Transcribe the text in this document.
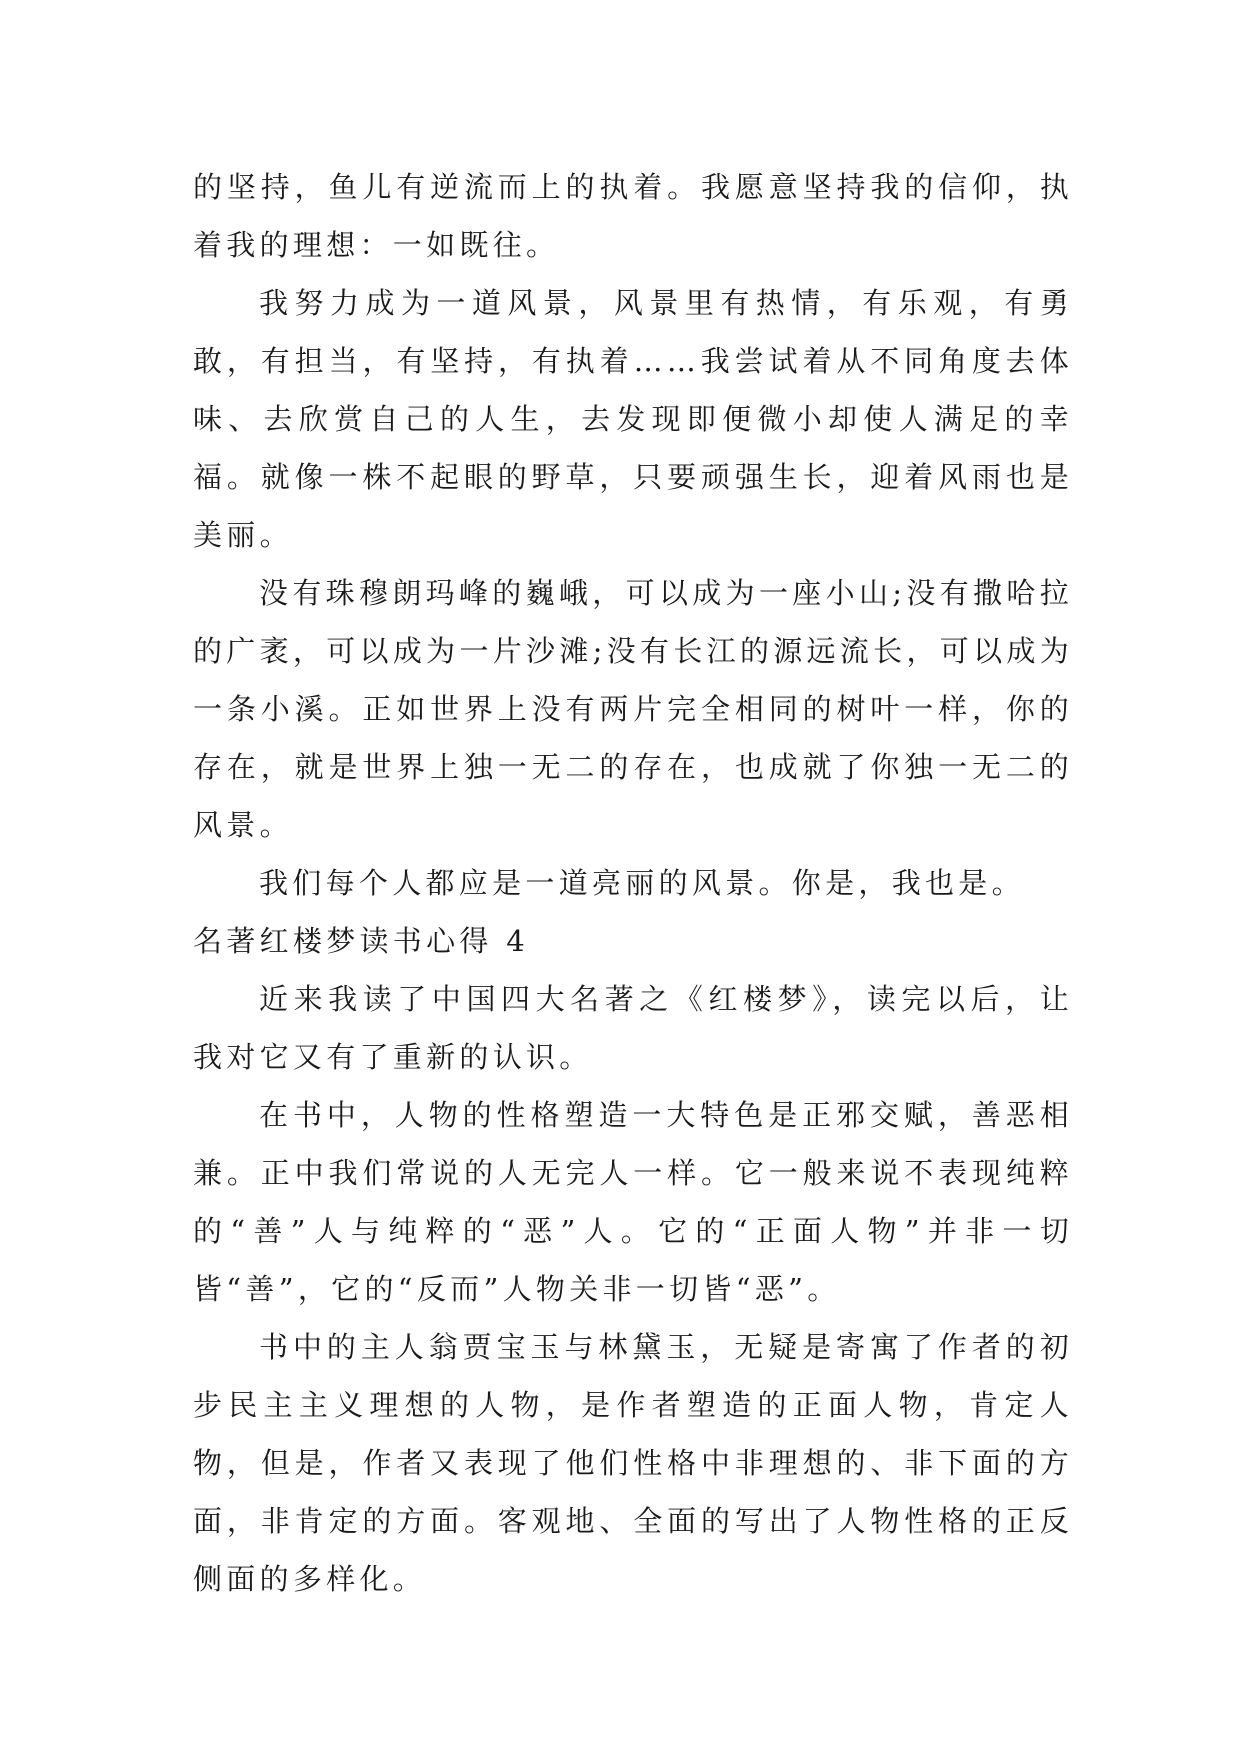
的坚持，鱼儿有逆流而上的执着。我愿意坚持我的信仰，执着我的理想：一如既往。

我努力成为一道风景，风景里有热情，有乐观，有勇敢，有担当，有坚持，有执着……我尝试着从不同角度去体味、去欣赏自己的人生，去发现即便微小却使人满足的幸福。就像一株不起眼的野草，只要顽强生长，迎着风雨也是美丽。

没有珠穆朗玛峰的巍峨，可以成为一座小山;没有撒哈拉的广袤，可以成为一片沙滩;没有长江的源远流长，可以成为一条小溪。正如世界上没有两片完全相同的树叶一样，你的存在，就是世界上独一无二的存在，也成就了你独一无二的风景。

我们每个人都应是一道亮丽的风景。你是，我也是。

名著红楼梦读书心得 4

近来我读了中国四大名著之《红楼梦》，读完以后，让我对它又有了重新的认识。

在书中，人物的性格塑造一大特色是正邪交赋，善恶相兼。正中我们常说的人无完人一样。它一般来说不表现纯粹的“善”人与纯粹的“恶”人。它的“正面人物”并非一切皆“善”，它的“反而”人物关非一切皆“恶”。

书中的主人翁贾宝玉与林黛玉，无疑是寄寓了作者的初步民主主义理想的人物，是作者塑造的正面人物，肯定人物，但是，作者又表现了他们性格中非理想的、非下面的方面，非肯定的方面。客观地、全面的写出了人物性格的正反侧面的多样化。
